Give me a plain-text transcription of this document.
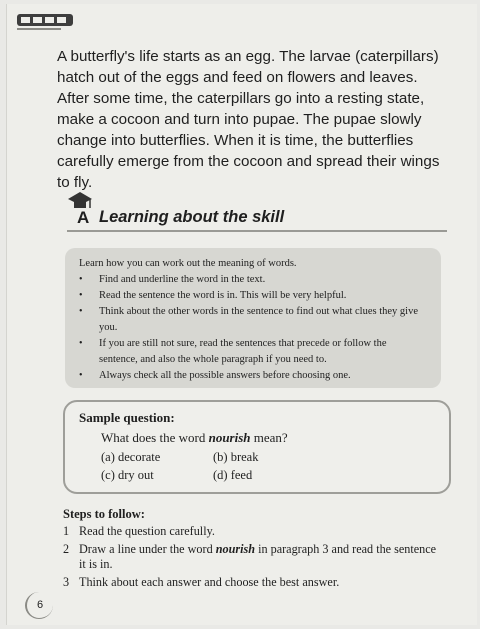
A butterfly's life starts as an egg. The larvae (caterpillars) hatch out of the eggs and feed on flowers and leaves. After some time, the caterpillars go into a resting state, make a cocoon and turn into pupae. The pupae slowly change into butterflies. When it is time, the butterflies carefully emerge from the cocoon and spread their wings to fly.
A Learning about the skill
Learn how you can work out the meaning of words.
• Find and underline the word in the text.
• Read the sentence the word is in. This will be very helpful.
• Think about the other words in the sentence to find out what clues they give you.
• If you are still not sure, read the sentences that precede or follow the sentence, and also the whole paragraph if you need to.
• Always check all the possible answers before choosing one.
Sample question:
What does the word nourish mean?
(a) decorate	(b) break
(c) dry out	(d) feed
Steps to follow:
1 Read the question carefully.
2 Draw a line under the word nourish in paragraph 3 and read the sentence it is in.
3 Think about each answer and choose the best answer.
6
